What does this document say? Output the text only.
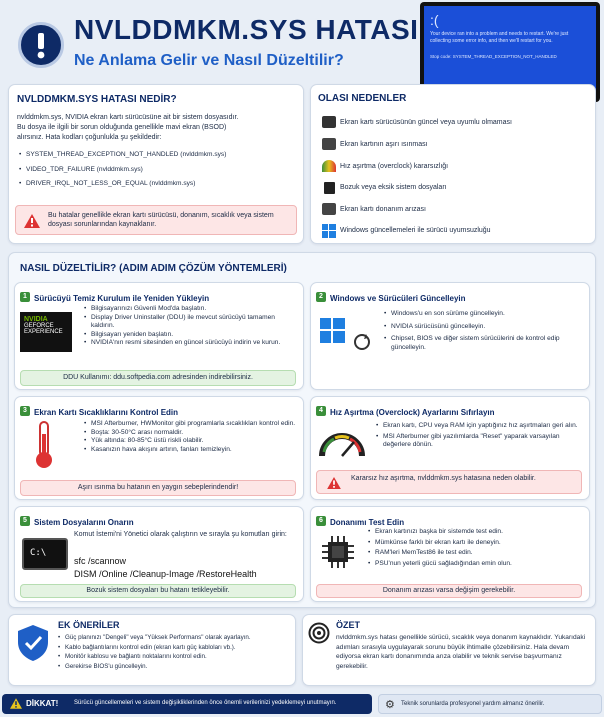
NVLDDMKM.SYS HATASI
Ne Anlama Gelir ve Nasıl Düzeltilir?
:(
Your device ran into a problem and needs to restart. We're just collecting some error info, and then we'll restart for you.
Stop code: SYSTEM_THREAD_EXCEPTION_NOT_HANDLED
NVLDDMKM.SYS HATASI NEDİR?
nvlddmkm.sys, NVIDIA ekran kartı sürücüsüne ait bir sistem dosyasıdır.
Bu dosya ile ilgili bir sorun olduğunda genellikle mavi ekran (BSOD)
alırsınız. Hata kodları çoğunlukla şu şekildedir:
• SYSTEM_THREAD_EXCEPTION_NOT_HANDLED (nvlddmkm.sys)
• VIDEO_TDR_FAILURE (nvlddmkm.sys)
• DRIVER_IRQL_NOT_LESS_OR_EQUAL (nvlddmkm.sys)
Bu hatalar genellikle ekran kartı sürücüsü, donanım, sıcaklık veya sistem dosyası sorunlarından kaynaklanır.
OLASI NEDENLER
Ekran kartı sürücüsünün güncel veya uyumlu olmaması
Ekran kartının aşırı ısınması
Hız aşırtma (overclock) kararsızlığı
Bozuk veya eksik sistem dosyaları
Ekran kartı donanım arızası
Windows güncellemeleri ile sürücü uyumsuzluğu
NASIL DÜZELTİLİR? (ADIM ADIM ÇÖZÜM YÖNTEMLERİ)
1 Sürücüyü Temiz Kurulum ile Yeniden Yükleyin
NVIDIA
GEFORCE
EXPERIENCE
• Bilgisayarınızı Güvenli Mod'da başlatın.
• Display Driver Uninstaller (DDU) ile mevcut sürücüyü tamamen kaldırın.
• Bilgisayarı yeniden başlatın.
• NVIDIA'nın resmi sitesinden en güncel sürücüyü indirin ve kurun.
DDU Kullanımı: ddu.softpedia.com adresinden indirebilirsiniz.
2 Windows ve Sürücüleri Güncelleyin
• Windows'u en son sürüme güncelleyin.
• NVIDIA sürücüsünü güncelleyin.
• Chipset, BIOS ve diğer sistem sürücülerini de kontrol edip güncelleyin.
3 Ekran Kartı Sıcaklıklarını Kontrol Edin
• MSI Afterburner, HWMonitor gibi programlarla sıcaklıkları kontrol edin.
• Boşta: 30-50°C arası normaldir.
• Yük altında: 80-85°C üstü riskli olabilir.
• Kasanızın hava akışını artırın, fanları temizleyin.
Aşırı ısınma bu hatanın en yaygın sebeplerindendir!
4 Hız Aşırtma (Overclock) Ayarlarını Sıfırlayın
• Ekran kartı, CPU veya RAM için yaptığınız hız aşırtmaları geri alın.
• MSI Afterburner gibi yazılımlarda "Reset" yaparak varsayılan değerlere dönün.
Kararsız hız aşırtma, nvlddmkm.sys hatasına neden olabilir.
5 Sistem Dosyalarını Onarın
C:\
Komut İstemi'ni Yönetici olarak çalıştırın ve sırayla şu komutları girin:
sfc /scannow
DISM /Online /Cleanup-Image /RestoreHealth
Bozuk sistem dosyaları bu hatanı tetikleyebilir.
6 Donanımı Test Edin
• Ekran kartınızı başka bir sistemde test edin.
• Mümkünse farklı bir ekran kartı ile deneyin.
• RAM'leri MemTest86 ile test edin.
• PSU'nun yeterli gücü sağladığından emin olun.
Donanım arızası varsa değişim gerekebilir.
EK ÖNERİLER
• Güç planınızı "Dengeli" veya "Yüksek Performans" olarak ayarlayın.
• Kablo bağlantılarını kontrol edin (ekran kartı güç kabloları vb.).
• Monitör kablosu ve bağlantı noktalarını kontrol edin.
• Gerekirse BIOS'u güncelleyin.
ÖZET
nvlddmkm.sys hatası genellikle sürücü, sıcaklık veya donanım kaynaklıdır. Yukarıdaki adımları sırasıyla uygulayarak sorunu büyük ihtimalle çözebilirsiniz. Hala devam ediyorsa ekran kartı donanımında arıza olabilir ve teknik servise başvurmanız gerekebilir.
DİKKAT!	Sürücü güncellemeleri ve sistem değişikliklerinden önce önemli verilerinizi yedeklemeyi unutmayın.	⚙ Teknik sorunlarda profesyonel yardım almanız önerilir.
